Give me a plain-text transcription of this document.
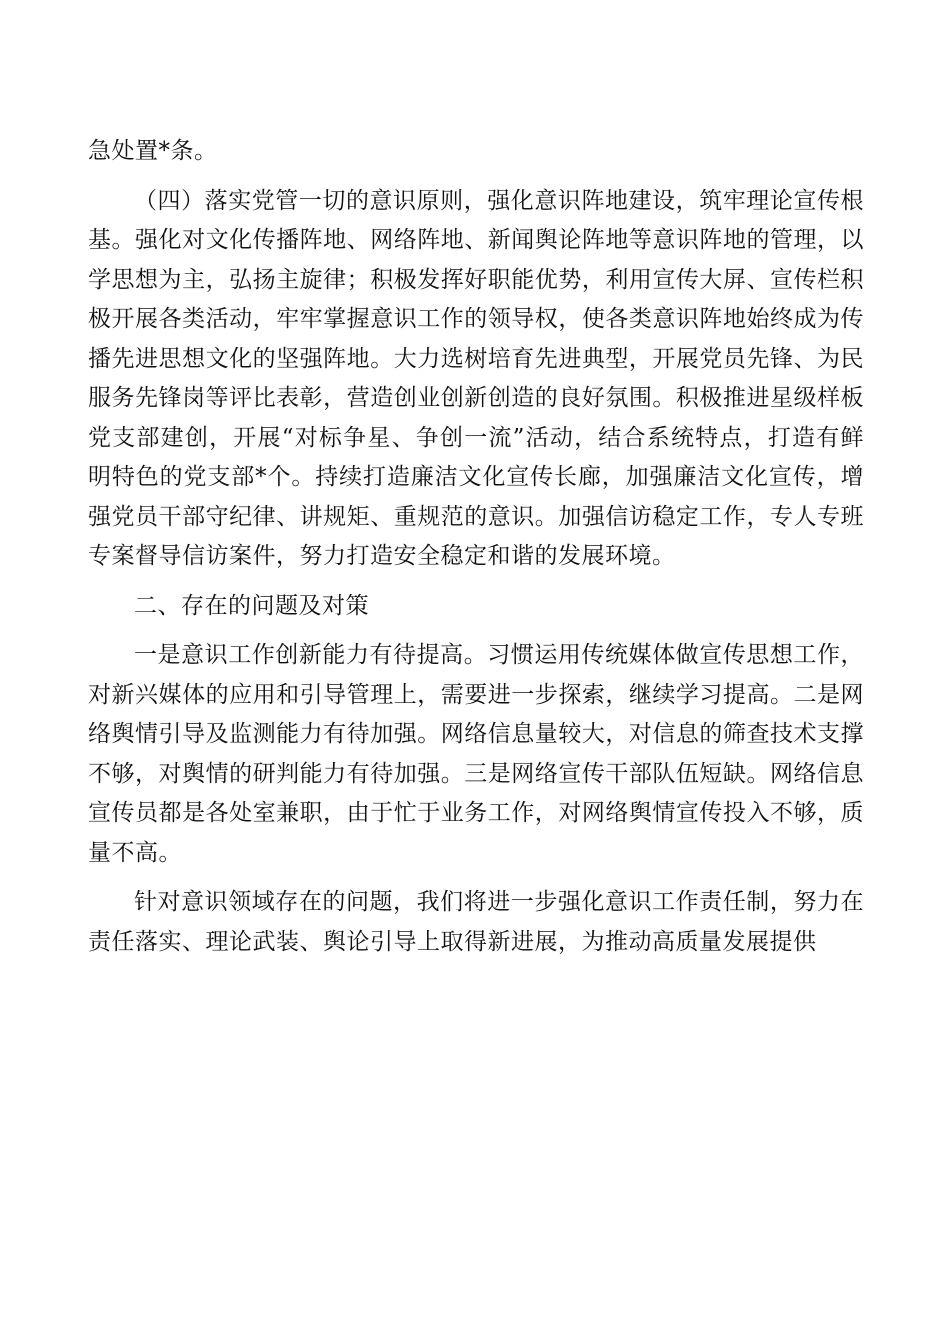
急处置*条。

（四）落实党管一切的意识原则，强化意识阵地建设，筑牢理论宣传根基。强化对文化传播阵地、网络阵地、新闻舆论阵地等意识阵地的管理，以学思想为主，弘扬主旋律；积极发挥好职能优势，利用宣传大屏、宣传栏积极开展各类活动，牢牢掌握意识工作的领导权，使各类意识阵地始终成为传播先进思想文化的坚强阵地。大力选树培育先进典型，开展党员先锋、为民服务先锋岗等评比表彰，营造创业创新创造的良好氛围。积极推进星级样板党支部建创，开展“对标争星、争创一流”活动，结合系统特点，打造有鲜明特色的党支部*个。持续打造廉洁文化宣传长廊，加强廉洁文化宣传，增强党员干部守纪律、讲规矩、重规范的意识。加强信访稳定工作，专人专班专案督导信访案件，努力打造安全稳定和谐的发展环境。

二、存在的问题及对策

一是意识工作创新能力有待提高。习惯运用传统媒体做宣传思想工作，对新兴媒体的应用和引导管理上，需要进一步探索，继续学习提高。二是网络舆情引导及监测能力有待加强。网络信息量较大，对信息的筛查技术支撑不够，对舆情的研判能力有待加强。三是网络宣传干部队伍短缺。网络信息宣传员都是各处室兼职，由于忙于业务工作，对网络舆情宣传投入不够，质量不高。

针对意识领域存在的问题，我们将进一步强化意识工作责任制，努力在责任落实、理论武装、舆论引导上取得新进展，为推动高质量发展提供
